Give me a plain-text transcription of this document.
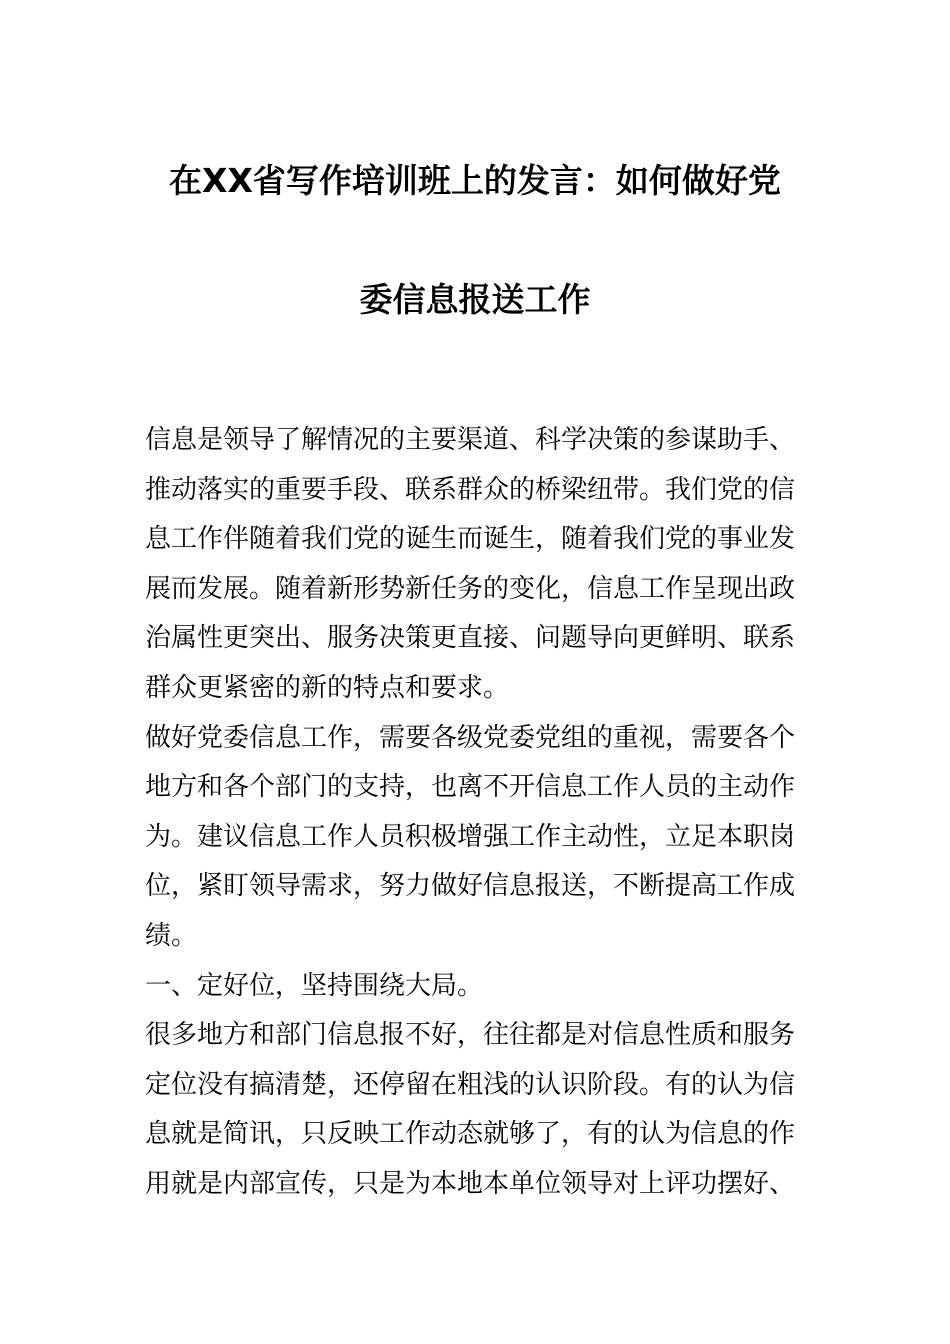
在XX省写作培训班上的发言：如何做好党
委信息报送工作
信息是领导了解情况的主要渠道、科学决策的参谋助手、
推动落实的重要手段、联系群众的桥梁纽带。我们党的信
息工作伴随着我们党的诞生而诞生，随着我们党的事业发
展而发展。随着新形势新任务的变化，信息工作呈现出政
治属性更突出、服务决策更直接、问题导向更鲜明、联系
群众更紧密的新的特点和要求。
做好党委信息工作，需要各级党委党组的重视，需要各个
地方和各个部门的支持，也离不开信息工作人员的主动作
为。建议信息工作人员积极增强工作主动性，立足本职岗
位，紧盯领导需求，努力做好信息报送，不断提高工作成
绩。
一、定好位，坚持围绕大局。
很多地方和部门信息报不好，往往都是对信息性质和服务
定位没有搞清楚，还停留在粗浅的认识阶段。有的认为信
息就是简讯，只反映工作动态就够了，有的认为信息的作
用就是内部宣传，只是为本地本单位领导对上评功摆好、
